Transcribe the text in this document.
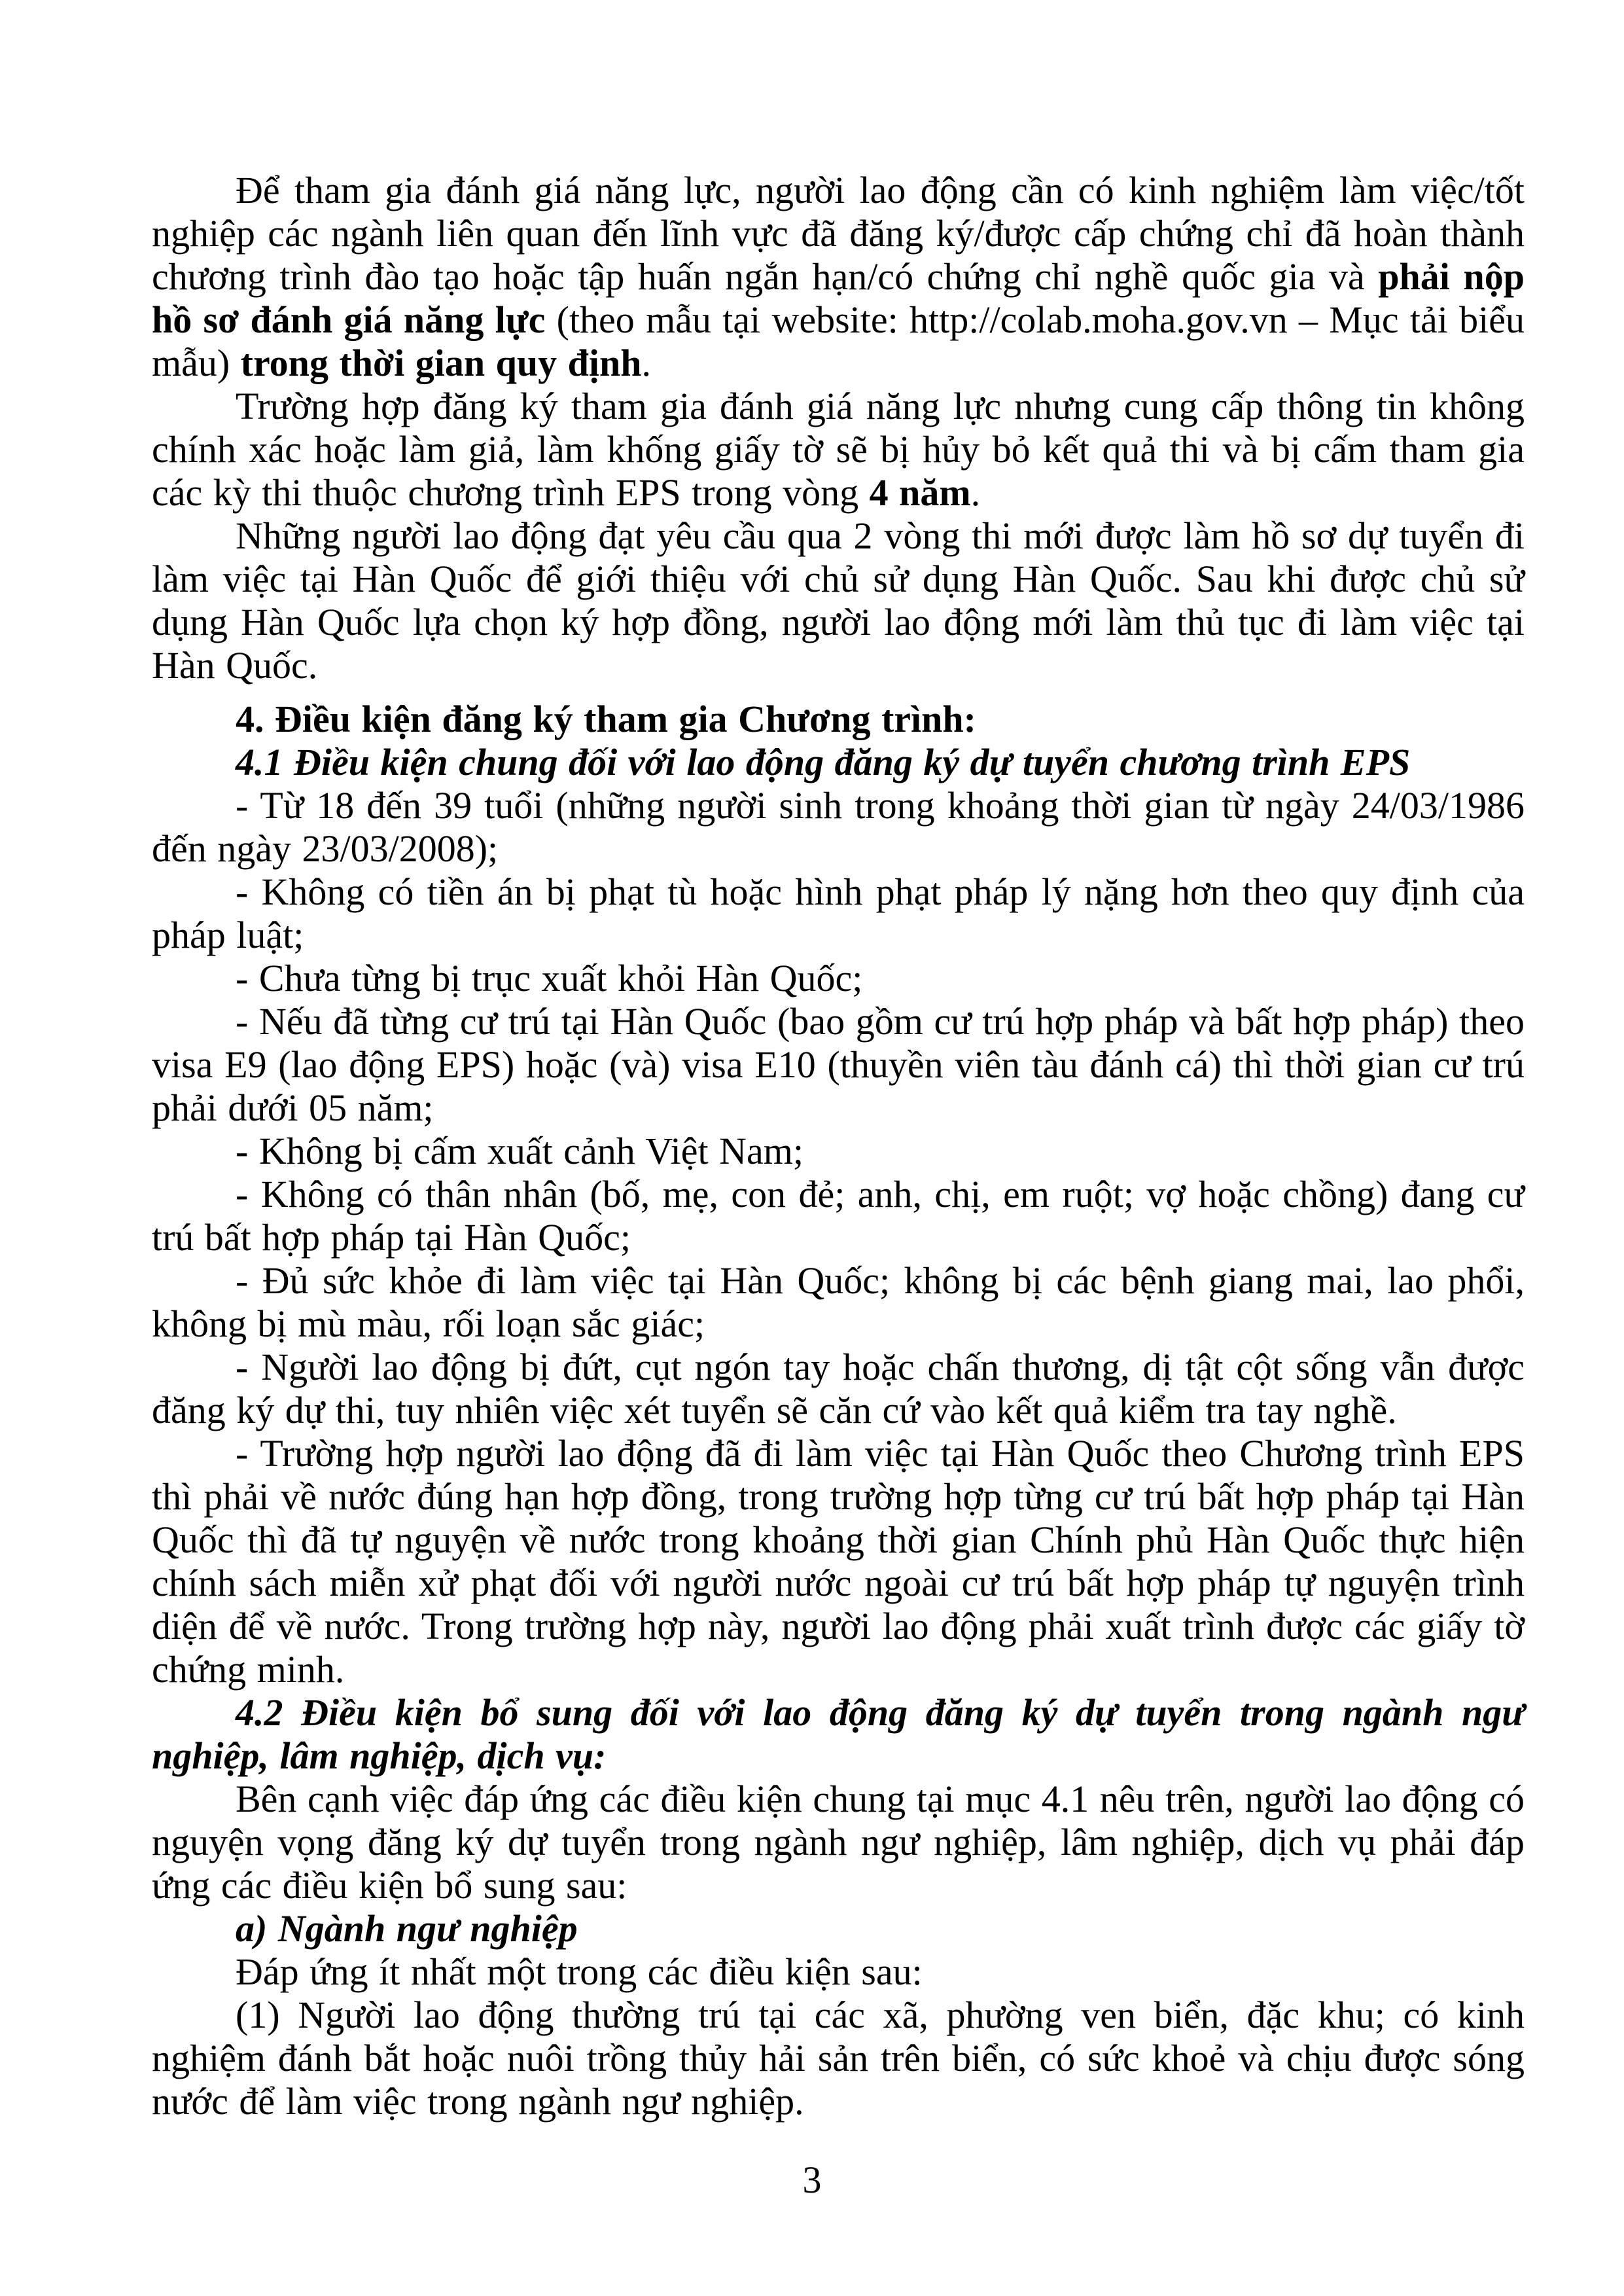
Để tham gia đánh giá năng lực, người lao động cần có kinh nghiệm làm việc/tốt nghiệp các ngành liên quan đến lĩnh vực đã đăng ký/được cấp chứng chỉ đã hoàn thành chương trình đào tạo hoặc tập huấn ngắn hạn/có chứng chỉ nghề quốc gia và phải nộp hồ sơ đánh giá năng lực (theo mẫu tại website: http://colab.moha.gov.vn – Mục tải biểu mẫu) trong thời gian quy định.

Trường hợp đăng ký tham gia đánh giá năng lực nhưng cung cấp thông tin không chính xác hoặc làm giả, làm khống giấy tờ sẽ bị hủy bỏ kết quả thi và bị cấm tham gia các kỳ thi thuộc chương trình EPS trong vòng 4 năm.

Những người lao động đạt yêu cầu qua 2 vòng thi mới được làm hồ sơ dự tuyển đi làm việc tại Hàn Quốc để giới thiệu với chủ sử dụng Hàn Quốc. Sau khi được chủ sử dụng Hàn Quốc lựa chọn ký hợp đồng, người lao động mới làm thủ tục đi làm việc tại Hàn Quốc.

4. Điều kiện đăng ký tham gia Chương trình:

4.1 Điều kiện chung đối với lao động đăng ký dự tuyển chương trình EPS

- Từ 18 đến 39 tuổi (những người sinh trong khoảng thời gian từ ngày 24/03/1986 đến ngày 23/03/2008);

- Không có tiền án bị phạt tù hoặc hình phạt pháp lý nặng hơn theo quy định của pháp luật;

- Chưa từng bị trục xuất khỏi Hàn Quốc;

- Nếu đã từng cư trú tại Hàn Quốc (bao gồm cư trú hợp pháp và bất hợp pháp) theo visa E9 (lao động EPS) hoặc (và) visa E10 (thuyền viên tàu đánh cá) thì thời gian cư trú phải dưới 05 năm;

- Không bị cấm xuất cảnh Việt Nam;

- Không có thân nhân (bố, mẹ, con đẻ; anh, chị, em ruột; vợ hoặc chồng) đang cư trú bất hợp pháp tại Hàn Quốc;

- Đủ sức khỏe đi làm việc tại Hàn Quốc; không bị các bệnh giang mai, lao phổi, không bị mù màu, rối loạn sắc giác;

- Người lao động bị đứt, cụt ngón tay hoặc chấn thương, dị tật cột sống vẫn được đăng ký dự thi, tuy nhiên việc xét tuyển sẽ căn cứ vào kết quả kiểm tra tay nghề.

- Trường hợp người lao động đã đi làm việc tại Hàn Quốc theo Chương trình EPS thì phải về nước đúng hạn hợp đồng, trong trường hợp từng cư trú bất hợp pháp tại Hàn Quốc thì đã tự nguyện về nước trong khoảng thời gian Chính phủ Hàn Quốc thực hiện chính sách miễn xử phạt đối với người nước ngoài cư trú bất hợp pháp tự nguyện trình diện để về nước. Trong trường hợp này, người lao động phải xuất trình được các giấy tờ chứng minh.

4.2 Điều kiện bổ sung đối với lao động đăng ký dự tuyển trong ngành ngư nghiệp, lâm nghiệp, dịch vụ:

Bên cạnh việc đáp ứng các điều kiện chung tại mục 4.1 nêu trên, người lao động có nguyện vọng đăng ký dự tuyển trong ngành ngư nghiệp, lâm nghiệp, dịch vụ phải đáp ứng các điều kiện bổ sung sau:

a) Ngành ngư nghiệp

Đáp ứng ít nhất một trong các điều kiện sau:

(1) Người lao động thường trú tại các xã, phường ven biển, đặc khu; có kinh nghiệm đánh bắt hoặc nuôi trồng thủy hải sản trên biển, có sức khoẻ và chịu được sóng nước để làm việc trong ngành ngư nghiệp.

3
